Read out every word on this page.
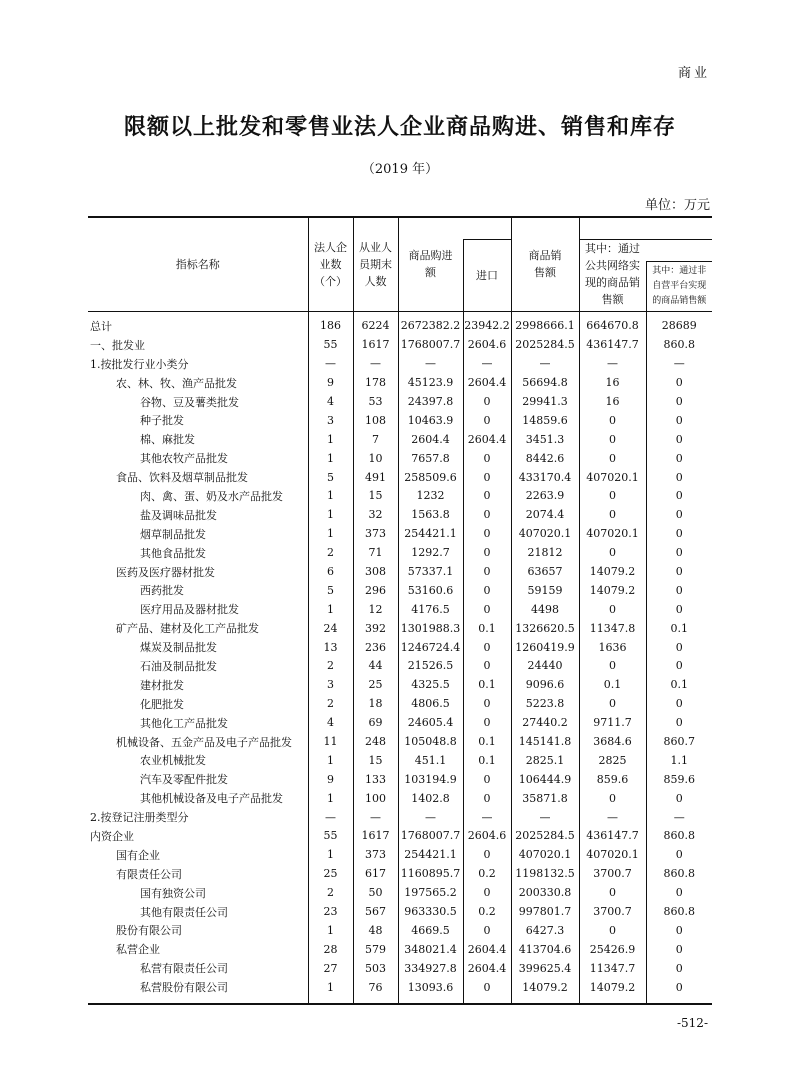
商业
限额以上批发和零售业法人企业商品购进、销售和库存
（2019 年）
单位：万元
指标名称	法人企业数（个）	从业人员期末人数	商品购进额		商品销售额		
				进口		其中：通过公共网络实现的商品销售额	
							其中：通过非自营平台实现的商品销售额
总计	186	6224	2672382.2	23942.2	2998666.1	664670.8	28689
一、批发业	55	1617	1768007.7	2604.6	2025284.5	436147.7	860.8
1.按批发行业小类分	—	—	—	—	—	—	—
农、林、牧、渔产品批发	9	178	45123.9	2604.4	56694.8	16	0
谷物、豆及薯类批发	4	53	24397.8	0	29941.3	16	0
种子批发	3	108	10463.9	0	14859.6	0	0
棉、麻批发	1	7	2604.4	2604.4	3451.3	0	0
其他农牧产品批发	1	10	7657.8	0	8442.6	0	0
食品、饮料及烟草制品批发	5	491	258509.6	0	433170.4	407020.1	0
肉、禽、蛋、奶及水产品批发	1	15	1232	0	2263.9	0	0
盐及调味品批发	1	32	1563.8	0	2074.4	0	0
烟草制品批发	1	373	254421.1	0	407020.1	407020.1	0
其他食品批发	2	71	1292.7	0	21812	0	0
医药及医疗器材批发	6	308	57337.1	0	63657	14079.2	0
西药批发	5	296	53160.6	0	59159	14079.2	0
医疗用品及器材批发	1	12	4176.5	0	4498	0	0
矿产品、建材及化工产品批发	24	392	1301988.3	0.1	1326620.5	11347.8	0.1
煤炭及制品批发	13	236	1246724.4	0	1260419.9	1636	0
石油及制品批发	2	44	21526.5	0	24440	0	0
建材批发	3	25	4325.5	0.1	9096.6	0.1	0.1
化肥批发	2	18	4806.5	0	5223.8	0	0
其他化工产品批发	4	69	24605.4	0	27440.2	9711.7	0
机械设备、五金产品及电子产品批发	11	248	105048.8	0.1	145141.8	3684.6	860.7
农业机械批发	1	15	451.1	0.1	2825.1	2825	1.1
汽车及零配件批发	9	133	103194.9	0	106444.9	859.6	859.6
其他机械设备及电子产品批发	1	100	1402.8	0	35871.8	0	0
2.按登记注册类型分	—	—	—	—	—	—	—
内资企业	55	1617	1768007.7	2604.6	2025284.5	436147.7	860.8
国有企业	1	373	254421.1	0	407020.1	407020.1	0
有限责任公司	25	617	1160895.7	0.2	1198132.5	3700.7	860.8
国有独资公司	2	50	197565.2	0	200330.8	0	0
其他有限责任公司	23	567	963330.5	0.2	997801.7	3700.7	860.8
股份有限公司	1	48	4669.5	0	6427.3	0	0
私营企业	28	579	348021.4	2604.4	413704.6	25426.9	0
私营有限责任公司	27	503	334927.8	2604.4	399625.4	11347.7	0
私营股份有限公司	1	76	13093.6	0	14079.2	14079.2	0
-512-
